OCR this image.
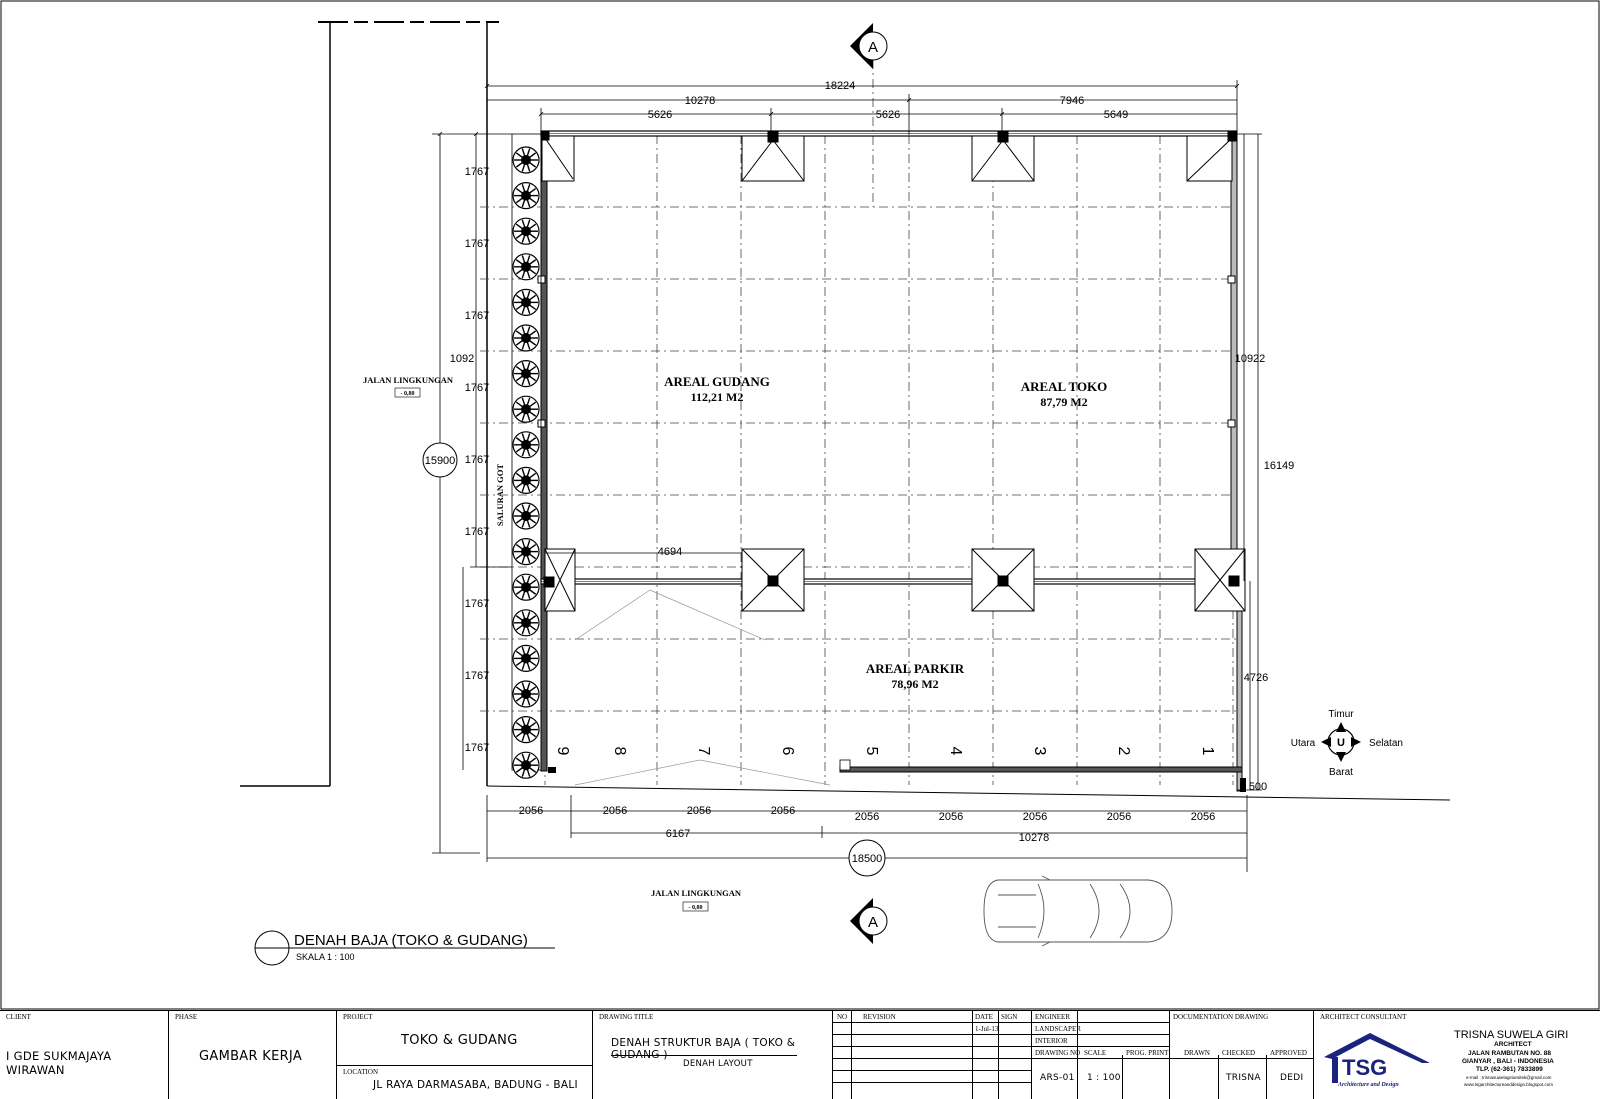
18224
10278	7946
5626	5626	5649
1767
1767
1767
1767
1767
1767
1767
1767
1767
1092
15900
10922
16149
4726
500
4694
2056	2056	2056	2056	2056	2056	2056	2056	2056
6167	10278
18500
9	8	7	6	5	4	3	2	1
AREAL GUDANG
112,21 M2
AREAL TOKO
87,79 M2
AREAL PARKIR
78,96 M2
JALAN LINGKUNGAN
- 0,80
JALAN LINGKUNGAN
- 0,80
SALURAN GOT
A
A
U
Timur
Barat
Utara	Selatan
DENAH BAJA (TOKO & GUDANG)
SKALA 1 : 100
CLIENT
I GDE SUKMAJAYA WIRAWAN
PHASE
GAMBAR KERJA
PROJECT
TOKO & GUDANG
LOCATION
JL RAYA DARMASABA, BADUNG - BALI
DRAWING TITLE
DENAH STRUKTUR BAJA ( TOKO & GUDANG )
DENAH LAYOUT
NO REVISION	DATE SIGN
1-Jul-13
ENGINEER
LANDSCAPER
INTERIOR
DRAWING NO SCALE	PROG. PRINT
ARS-01 1 : 100
DOCUMENTATION DRAWING
DRAWN CHECKED APPROVED
TRISNA DEDI
ARCHITECT CONSULTANT
TSG
Architecture and Design
TRISNA SUWELA GIRI
ARCHITECT
JALAN RAMBUTAN NO. 88
GIANYAR , BALI - INDONESIA
TLP. (62-361) 7833899
e-mail : trisnasuwelagiriarsitek@gmail.com
www.tsgarchitectureanddesign.blogspot.com
